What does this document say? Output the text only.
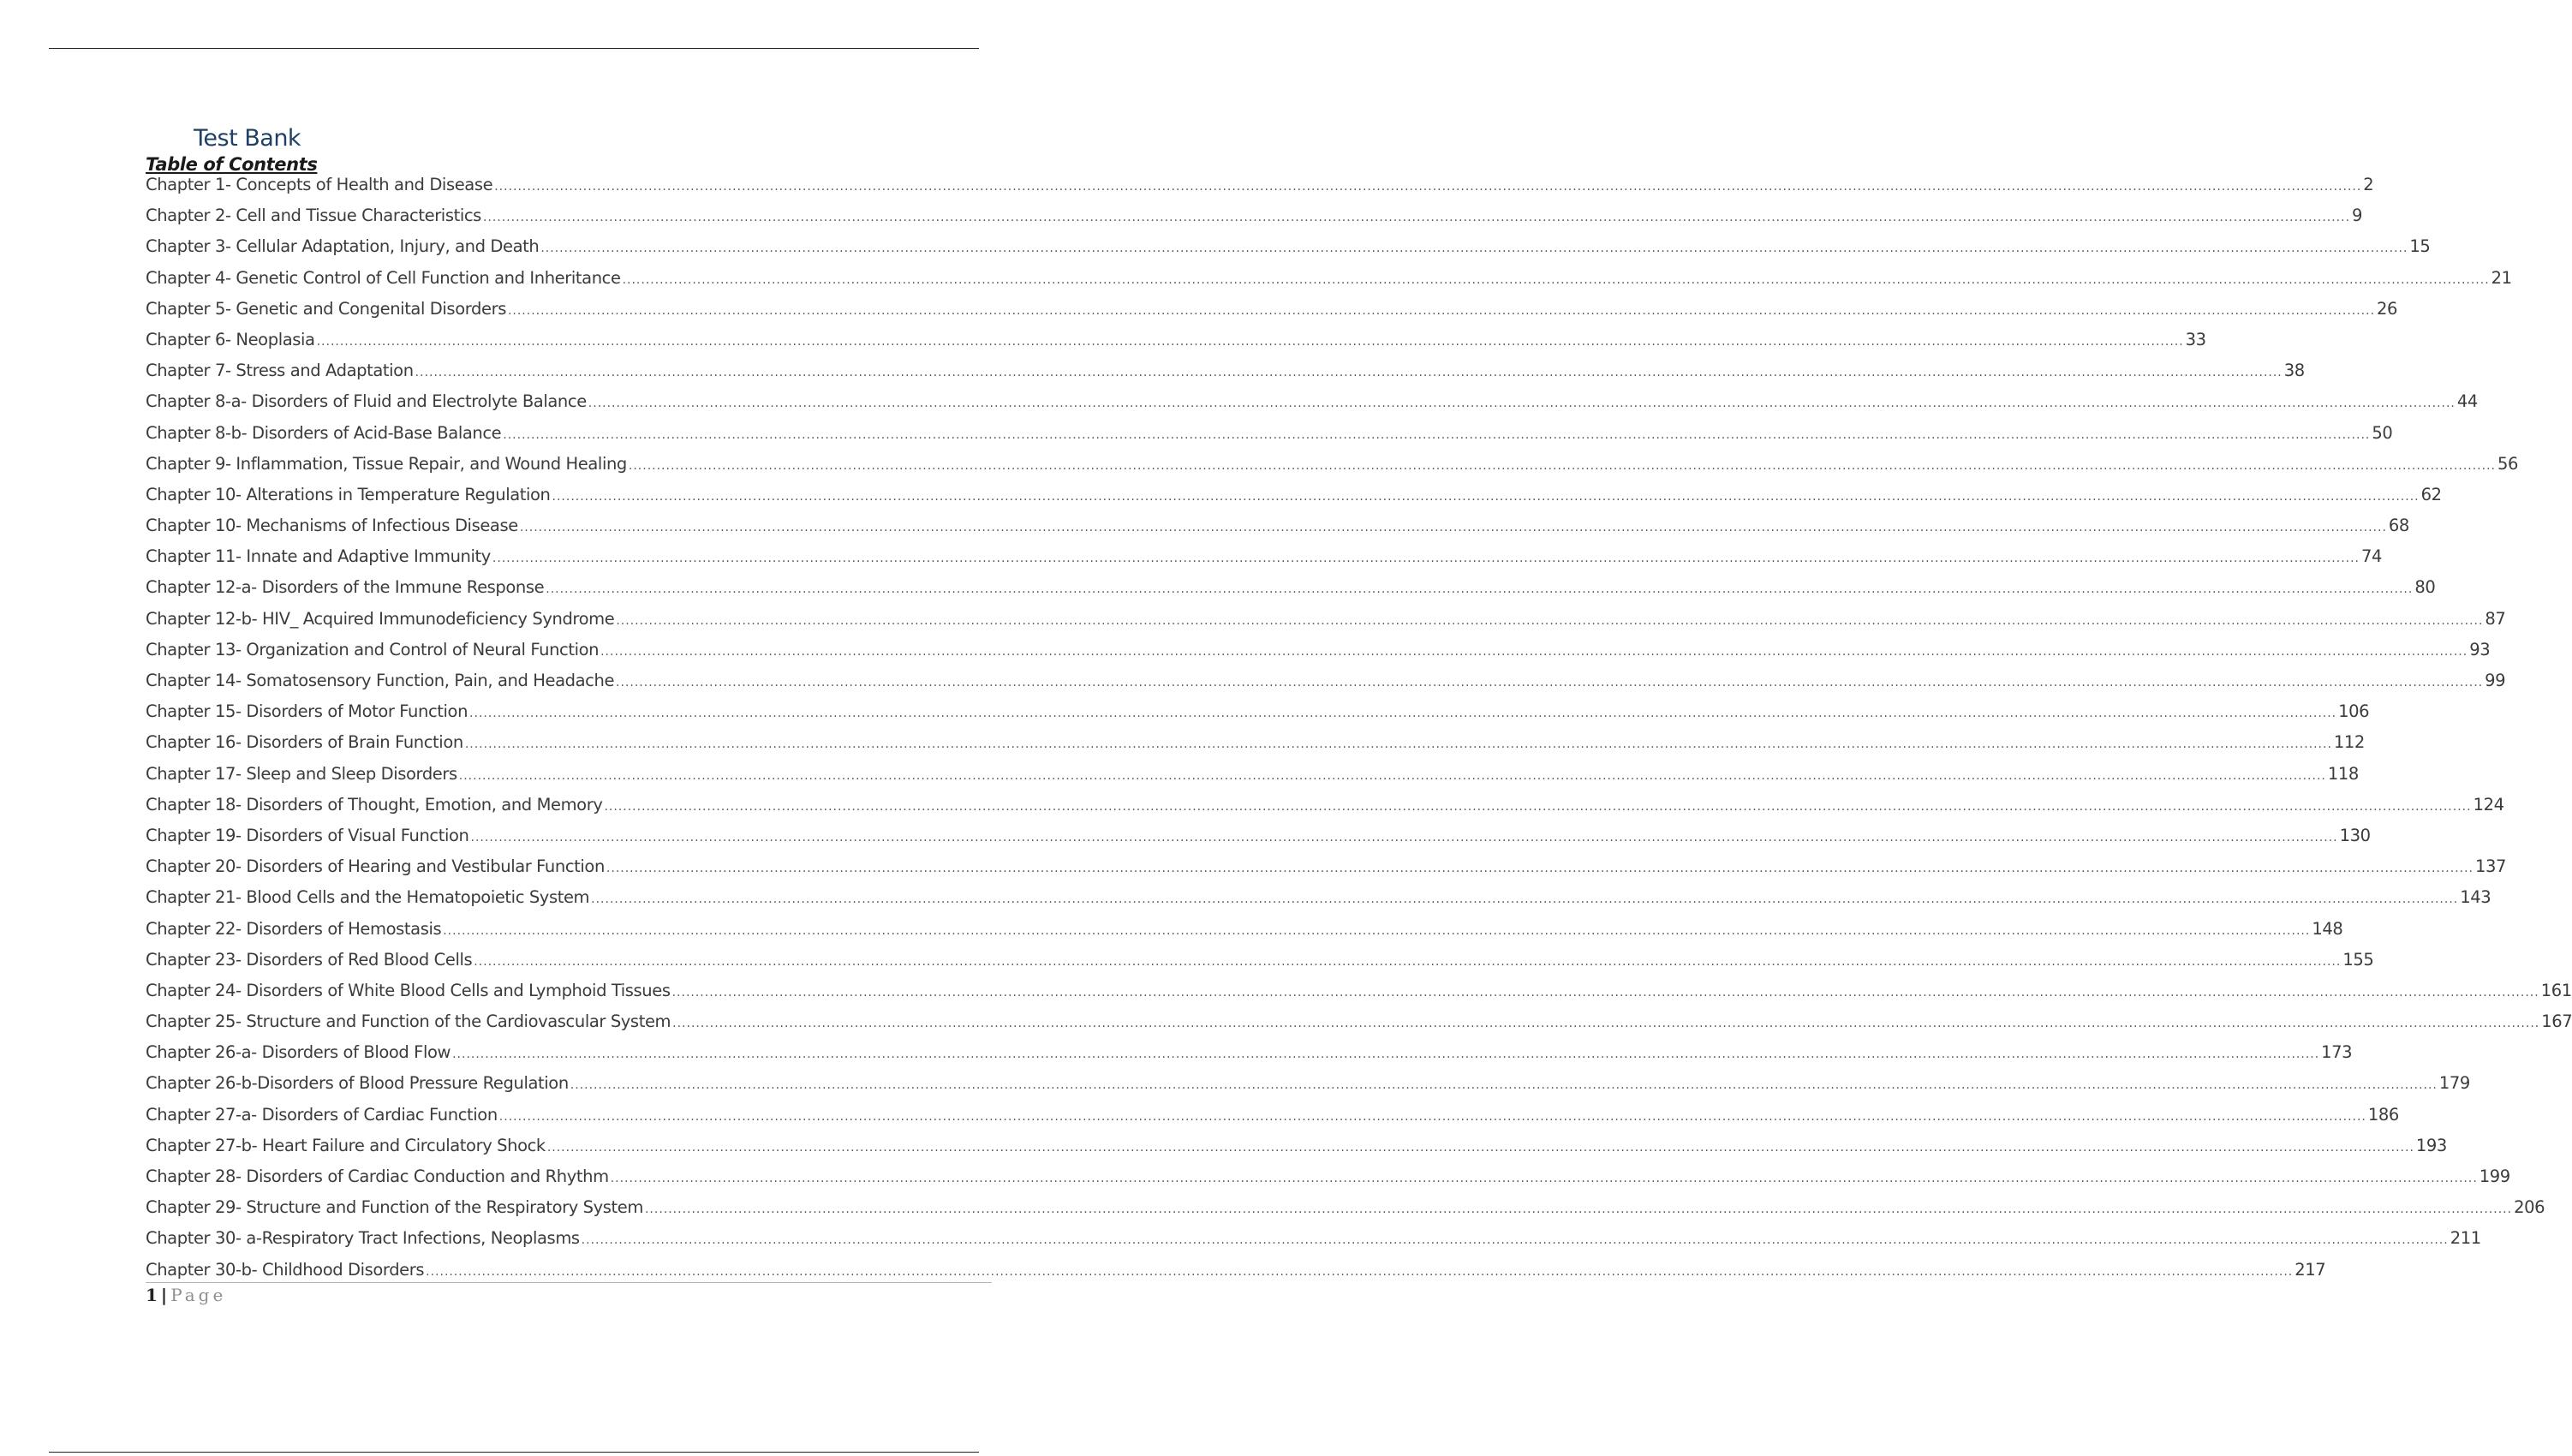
Test Bank
Table of Contents
Chapter 1- Concepts of Health and Disease ................................................................................................................................................................................................................................................................................................................................................................................................................ 2
Chapter 2- Cell and Tissue Characteristics ................................................................................................................................................................................................................................................................................................................................................................................................................ 9
Chapter 3- Cellular Adaptation, Injury, and Death ................................................................................................................................................................................................................................................................................................................................................................................................................ 15
Chapter 4- Genetic Control of Cell Function and Inheritance ................................................................................................................................................................................................................................................................................................................................................................................................................ 21
Chapter 5- Genetic and Congenital Disorders ................................................................................................................................................................................................................................................................................................................................................................................................................ 26
Chapter 6- Neoplasia ................................................................................................................................................................................................................................................................................................................................................................................................................ 33
Chapter 7- Stress and Adaptation ................................................................................................................................................................................................................................................................................................................................................................................................................ 38
Chapter 8-a- Disorders of Fluid and Electrolyte Balance ................................................................................................................................................................................................................................................................................................................................................................................................................ 44
Chapter 8-b- Disorders of Acid-Base Balance ................................................................................................................................................................................................................................................................................................................................................................................................................ 50
Chapter 9- Inflammation, Tissue Repair, and Wound Healing ................................................................................................................................................................................................................................................................................................................................................................................................................ 56
Chapter 10- Alterations in Temperature Regulation ................................................................................................................................................................................................................................................................................................................................................................................................................ 62
Chapter 10- Mechanisms of Infectious Disease ................................................................................................................................................................................................................................................................................................................................................................................................................ 68
Chapter 11- Innate and Adaptive Immunity ................................................................................................................................................................................................................................................................................................................................................................................................................ 74
Chapter 12-a- Disorders of the Immune Response ................................................................................................................................................................................................................................................................................................................................................................................................................ 80
Chapter 12-b- HIV_ Acquired Immunodeficiency Syndrome ................................................................................................................................................................................................................................................................................................................................................................................................................ 87
Chapter 13- Organization and Control of Neural Function ................................................................................................................................................................................................................................................................................................................................................................................................................ 93
Chapter 14- Somatosensory Function, Pain, and Headache ................................................................................................................................................................................................................................................................................................................................................................................................................ 99
Chapter 15- Disorders of Motor Function ................................................................................................................................................................................................................................................................................................................................................................................................................ 106
Chapter 16- Disorders of Brain Function ................................................................................................................................................................................................................................................................................................................................................................................................................ 112
Chapter 17- Sleep and Sleep Disorders ................................................................................................................................................................................................................................................................................................................................................................................................................ 118
Chapter 18- Disorders of Thought, Emotion, and Memory ................................................................................................................................................................................................................................................................................................................................................................................................................ 124
Chapter 19- Disorders of Visual Function ................................................................................................................................................................................................................................................................................................................................................................................................................ 130
Chapter 20- Disorders of Hearing and Vestibular Function ................................................................................................................................................................................................................................................................................................................................................................................................................ 137
Chapter 21- Blood Cells and the Hematopoietic System ................................................................................................................................................................................................................................................................................................................................................................................................................ 143
Chapter 22- Disorders of Hemostasis ................................................................................................................................................................................................................................................................................................................................................................................................................ 148
Chapter 23- Disorders of Red Blood Cells ................................................................................................................................................................................................................................................................................................................................................................................................................ 155
Chapter 24- Disorders of White Blood Cells and Lymphoid Tissues ................................................................................................................................................................................................................................................................................................................................................................................................................ 161
Chapter 25- Structure and Function of the Cardiovascular System ................................................................................................................................................................................................................................................................................................................................................................................................................ 167
Chapter 26-a- Disorders of Blood Flow ................................................................................................................................................................................................................................................................................................................................................................................................................ 173
Chapter 26-b-Disorders of Blood Pressure Regulation ................................................................................................................................................................................................................................................................................................................................................................................................................ 179
Chapter 27-a- Disorders of Cardiac Function ................................................................................................................................................................................................................................................................................................................................................................................................................ 186
Chapter 27-b- Heart Failure and Circulatory Shock ................................................................................................................................................................................................................................................................................................................................................................................................................ 193
Chapter 28- Disorders of Cardiac Conduction and Rhythm ................................................................................................................................................................................................................................................................................................................................................................................................................ 199
Chapter 29- Structure and Function of the Respiratory System ................................................................................................................................................................................................................................................................................................................................................................................................................ 206
Chapter 30- a-Respiratory Tract Infections, Neoplasms ................................................................................................................................................................................................................................................................................................................................................................................................................ 211
Chapter 30-b- Childhood Disorders ................................................................................................................................................................................................................................................................................................................................................................................................................ 217
1 | Page
